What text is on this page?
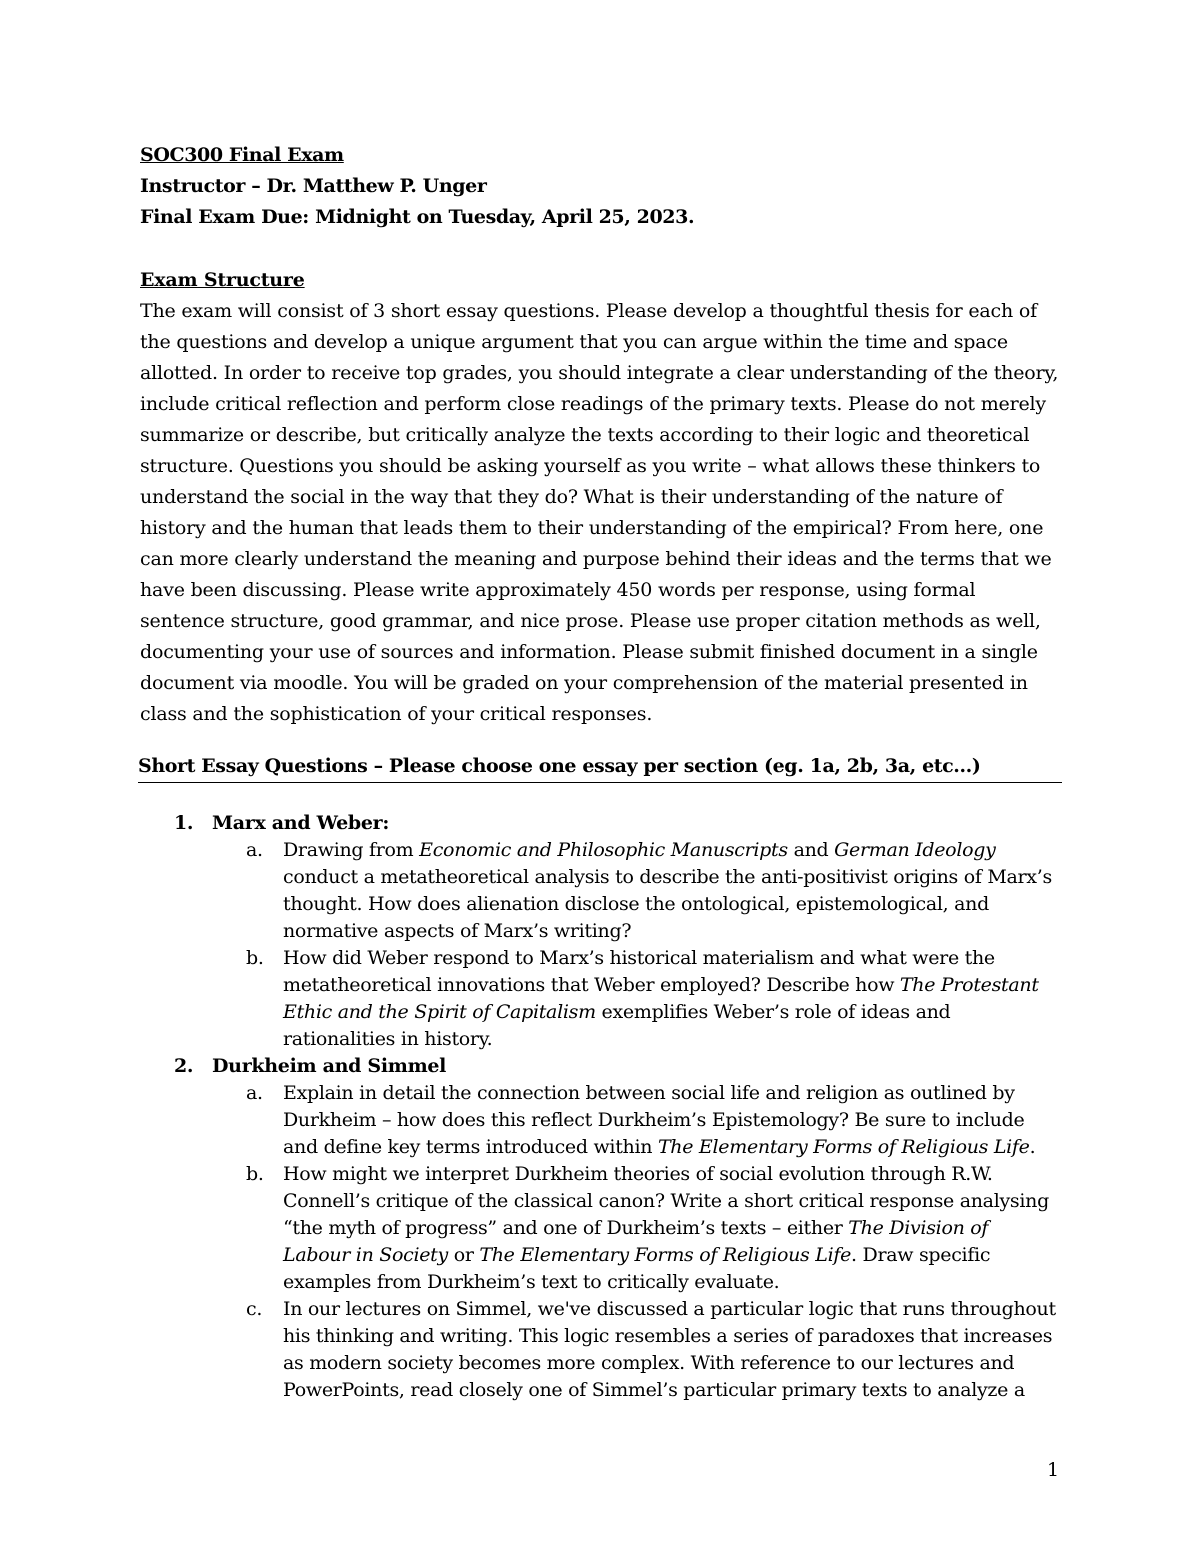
SOC300 Final Exam
Instructor – Dr. Matthew P. Unger
Final Exam Due: Midnight on Tuesday, April 25, 2023.
Exam Structure
The exam will consist of 3 short essay questions. Please develop a thoughtful thesis for each of
the questions and develop a unique argument that you can argue within the time and space
allotted. In order to receive top grades, you should integrate a clear understanding of the theory,
include critical reflection and perform close readings of the primary texts. Please do not merely
summarize or describe, but critically analyze the texts according to their logic and theoretical
structure. Questions you should be asking yourself as you write – what allows these thinkers to
understand the social in the way that they do? What is their understanding of the nature of
history and the human that leads them to their understanding of the empirical? From here, one
can more clearly understand the meaning and purpose behind their ideas and the terms that we
have been discussing. Please write approximately 450 words per response, using formal
sentence structure, good grammar, and nice prose. Please use proper citation methods as well,
documenting your use of sources and information. Please submit finished document in a single
document via moodle. You will be graded on your comprehension of the material presented in
class and the sophistication of your critical responses.
Short Essay Questions – Please choose one essay per section (eg. 1a, 2b, 3a, etc…)
1. Marx and Weber:
a. Drawing from Economic and Philosophic Manuscripts and German Ideology
conduct a metatheoretical analysis to describe the anti-positivist origins of Marx’s
thought. How does alienation disclose the ontological, epistemological, and
normative aspects of Marx’s writing?
b. How did Weber respond to Marx’s historical materialism and what were the
metatheoretical innovations that Weber employed? Describe how The Protestant
Ethic and the Spirit of Capitalism exemplifies Weber’s role of ideas and
rationalities in history.
2. Durkheim and Simmel
a. Explain in detail the connection between social life and religion as outlined by
Durkheim – how does this reflect Durkheim’s Epistemology? Be sure to include
and define key terms introduced within The Elementary Forms of Religious Life.
b. How might we interpret Durkheim theories of social evolution through R.W.
Connell’s critique of the classical canon? Write a short critical response analysing
“the myth of progress” and one of Durkheim’s texts – either The Division of
Labour in Society or The Elementary Forms of Religious Life. Draw specific
examples from Durkheim’s text to critically evaluate.
c. In our lectures on Simmel, we've discussed a particular logic that runs throughout
his thinking and writing. This logic resembles a series of paradoxes that increases
as modern society becomes more complex. With reference to our lectures and
PowerPoints, read closely one of Simmel’s particular primary texts to analyze a
1
